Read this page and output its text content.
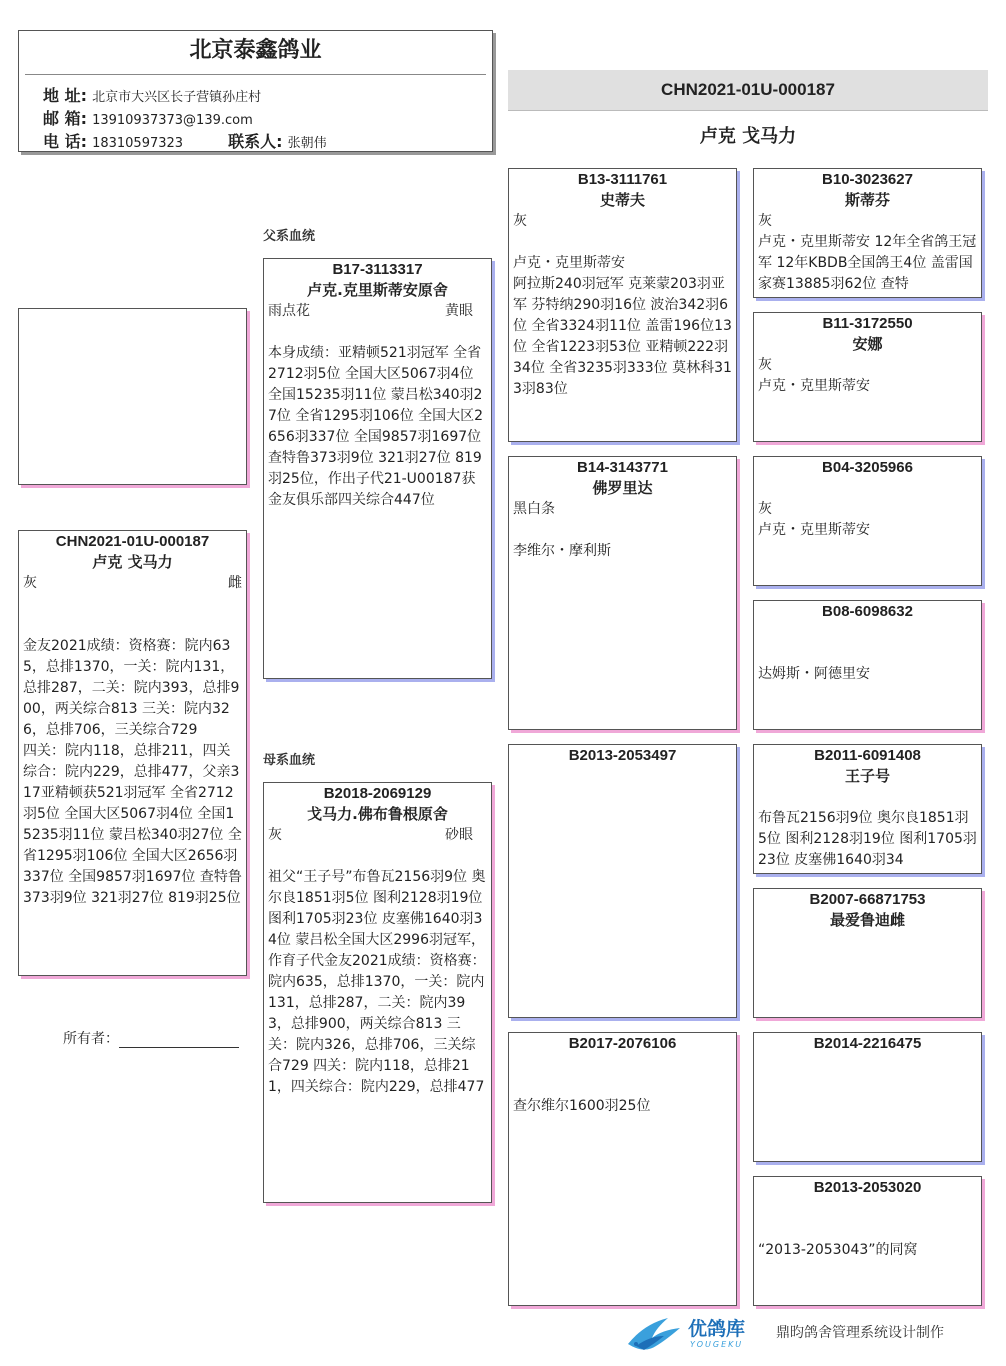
北京泰鑫鸽业
地 址: 北京市大兴区长子营镇孙庄村
邮 箱: 13910937373@139.com
电 话: 18310597323	联系人: 张朝伟
CHN2021-01U-000187
卢克 戈马力
CHN2021-01U-000187
卢克 戈马力
灰	雌
金友2021成绩：资格赛：院内635，总排1370，一关：院内131，总排287，二关：院内393，总排900，两关综合813 三关：院内326，总排706，三关综合729
四关：院内118，总排211，四关综合：院内229，总排477，父亲317亚精顿获521羽冠军 全省2712羽5位 全国大区5067羽4位 全国15235羽11位 蒙吕松340羽27位 全省1295羽106位 全国大区2656羽337位 全国9857羽1697位 查特鲁373羽9位 321羽27位 819羽25位
所有者：
父系血统
母系血统
B17-3113317
卢克.克里斯蒂安原舍
雨点花	黄眼
本身成绩：亚精顿521羽冠军 全省2712羽5位 全国大区5067羽4位 全国15235羽11位 蒙吕松340羽27位 全省1295羽106位 全国大区2656羽337位 全国9857羽1697位 查特鲁373羽9位 321羽27位 819羽25位，作出子代21-U00187获金友俱乐部四关综合447位
B2018-2069129
戈马力.佛布鲁根原舍
灰	砂眼
祖父“王子号”布鲁瓦2156羽9位 奥尔良1851羽5位 图利2128羽19位 图利1705羽23位 皮塞佛1640羽34位 蒙吕松全国大区2996羽冠军，作育子代金友2021成绩：资格赛：院内635，总排1370，一关：院内131，总排287，二关：院内393，总排900，两关综合813 三关：院内326，总排706，三关综合729 四关：院内118，总排211，四关综合：院内229，总排477
B13-3111761
史蒂夫
灰

卢克・克里斯蒂安
阿拉斯240羽冠军 克莱蒙203羽亚军 芬特纳290羽16位 波治342羽6位 全省3324羽11位 盖雷196位13位 全省1223羽53位 亚精顿222羽34位 全省3235羽333位 莫林科313羽83位
B14-3143771
佛罗里达
黑白条

李维尔・摩利斯
B2013-2053497
B2017-2076106

查尔维尔1600羽25位
B10-3023627
斯蒂芬
灰
卢克・克里斯蒂安 12年全省鸽王冠军 12年KBDB全国鸽王4位 盖雷国家赛13885羽62位 查特
B11-3172550
安娜
灰
卢克・克里斯蒂安
B04-3205966
灰
卢克・克里斯蒂安
B08-6098632

达姆斯・阿德里安
B2011-6091408
王子号

布鲁瓦2156羽9位 奥尔良1851羽5位 图利2128羽19位 图利1705羽23位 皮塞佛1640羽34
B2007-66871753
最爱鲁迪雌
B2014-2216475
B2013-2053020

“2013-2053043”的同窝
优鸽库
YOUGEKU
鼎昀鸽舍管理系统设计制作
